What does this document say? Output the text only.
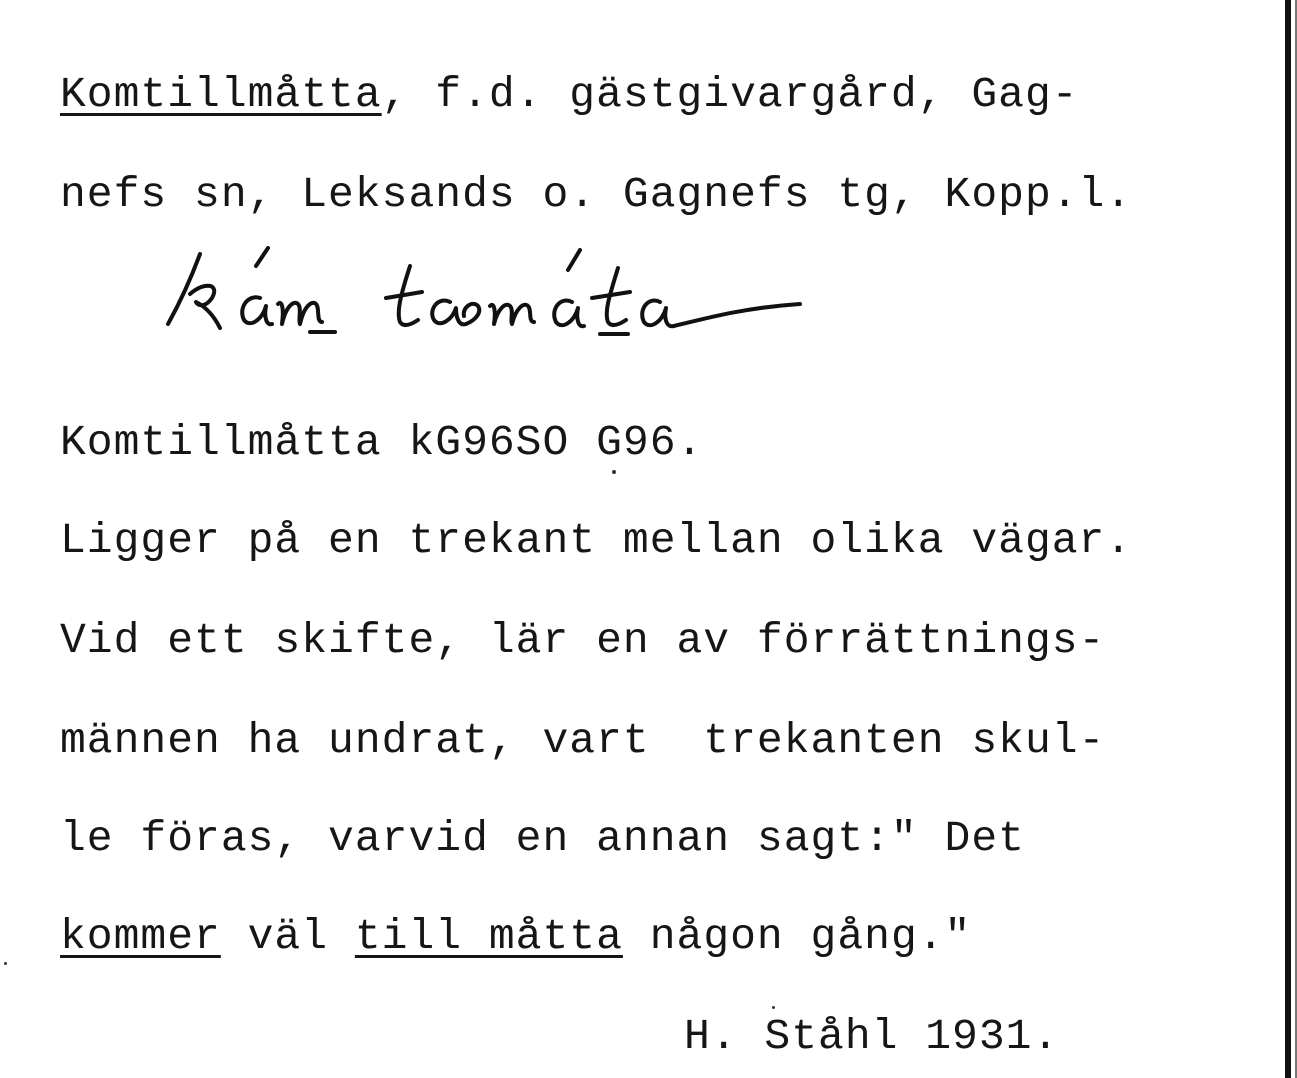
Komtillmåtta, f.d. gästgivargård, Gag-

nefs sn, Leksands o. Gagnefs tg, Kopp.l.

Komtillmåtta kG96SO G96.

Ligger på en trekant mellan olika vägar.

Vid ett skifte, lär en av förrättnings-

männen ha undrat, vart  trekanten skul-

le föras, varvid en annan sagt:" Det

kommer väl till måtta någon gång."

H. Ståhl 1931.
